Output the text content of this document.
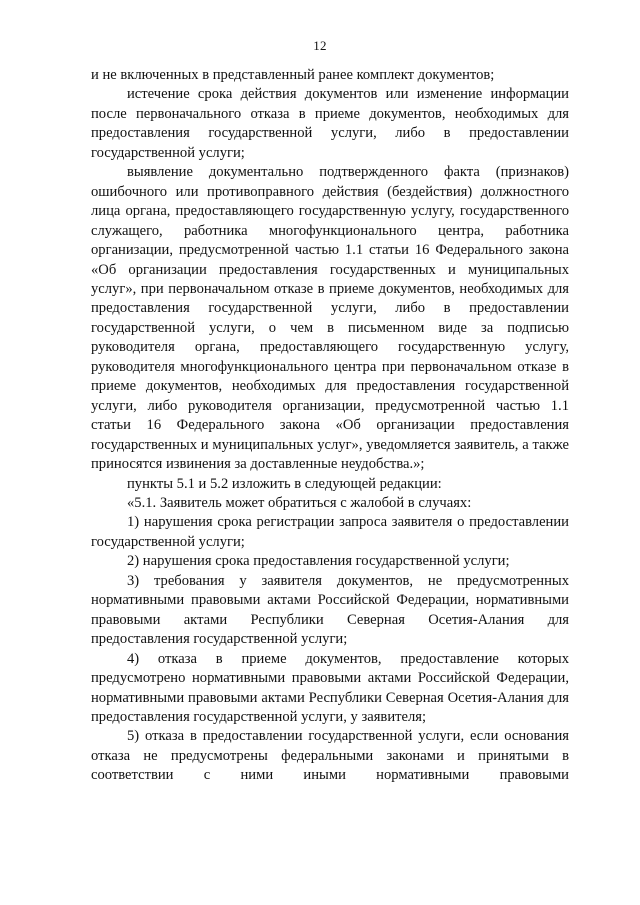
12

и не включенных в представленный ранее комплект документов;

истечение срока действия документов или изменение информации после первоначального отказа в приеме документов, необходимых для предоставления государственной услуги, либо в предоставлении государственной услуги;

выявление документально подтвержденного факта (признаков) ошибочного или противоправного действия (бездействия) должностного лица органа, предоставляющего государственную услугу, государственного служащего, работника многофункционального центра, работника организации, предусмотренной частью 1.1 статьи 16 Федерального закона «Об организации предоставления государственных и муниципальных услуг», при первоначальном отказе в приеме документов, необходимых для предоставления государственной услуги, либо в предоставлении государственной услуги, о чем в письменном виде за подписью руководителя органа, предоставляющего государственную услугу, руководителя многофункционального центра при первоначальном отказе в приеме документов, необходимых для предоставления государственной услуги, либо руководителя организации, предусмотренной частью 1.1 статьи 16 Федерального закона «Об организации предоставления государственных и муниципальных услуг», уведомляется заявитель, а также приносятся извинения за доставленные неудобства.»;

пункты 5.1 и 5.2 изложить в следующей редакции:

«5.1. Заявитель может обратиться с жалобой в случаях:

1) нарушения срока регистрации запроса заявителя о предоставлении государственной услуги;

2) нарушения срока предоставления государственной услуги;

3) требования у заявителя документов, не предусмотренных нормативными правовыми актами Российской Федерации, нормативными правовыми актами Республики Северная Осетия-Алания для предоставления государственной услуги;

4) отказа в приеме документов, предоставление которых предусмотрено нормативными правовыми актами Российской Федерации, нормативными правовыми актами Республики Северная Осетия-Алания для предоставления государственной услуги, у заявителя;

5) отказа в предоставлении государственной услуги, если основания отказа не предусмотрены федеральными законами и принятыми в соответствии с ними иными нормативными правовыми
